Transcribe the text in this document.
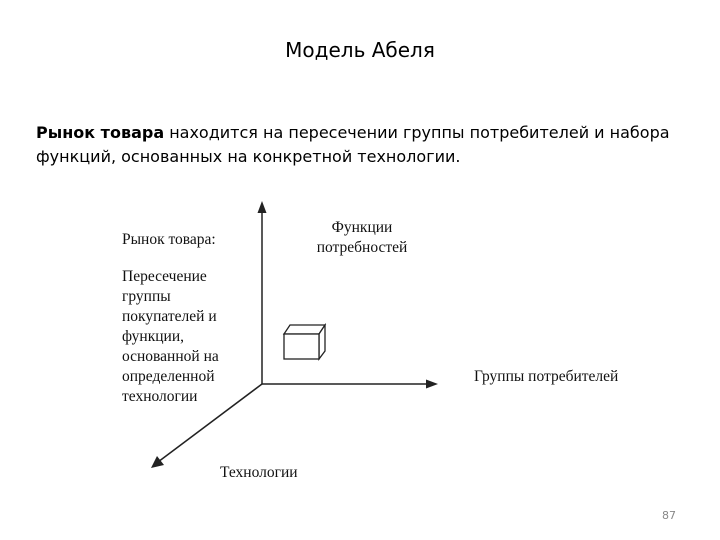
Модель Абеля
Рынок товара находится на пересечении группы потребителей и набора функций, основанных на конкретной технологии.
Рынок товара:
Пересечение
группы
покупателей и
функции,
основанной на
определенной
технологии
Функции
потребностей
Группы потребителей
Технологии
87
